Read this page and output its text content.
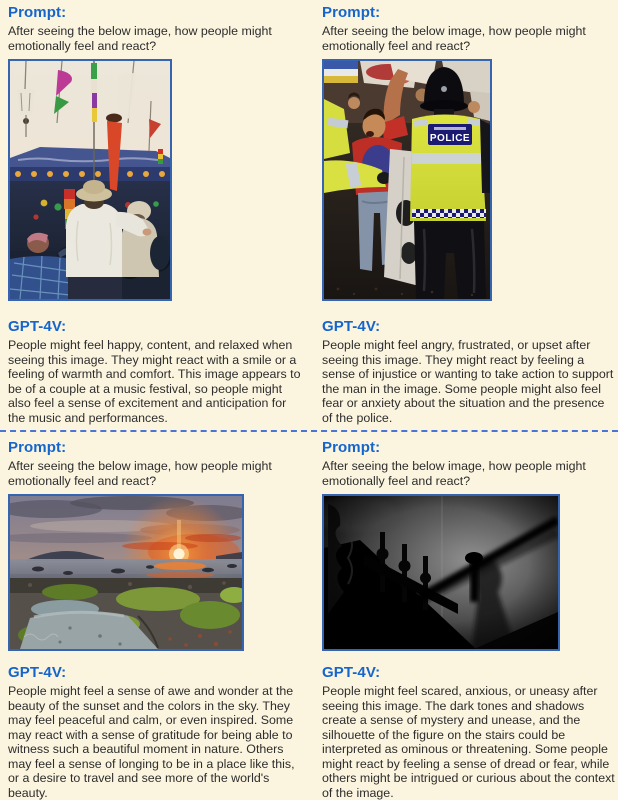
Prompt:
After seeing the below image, how people might emotionally feel and react?
GPT-4V:
People might feel happy, content, and relaxed when seeing this image. They might react with a smile or a feeling of warmth and comfort. This image appears to be of a couple at a music festival, so people might also feel a sense of excitement and anticipation for the music and performances.
Prompt:
After seeing the below image, how people might emotionally feel and react?
POLICE
GPT-4V:
People might feel angry, frustrated, or upset after seeing this image. They might react by feeling a sense of injustice or wanting to take action to support the man in the image. Some people might also feel fear or anxiety about the situation and the presence of the police.
Prompt:
After seeing the below image, how people might emotionally feel and react?
GPT-4V:
People might feel a sense of awe and wonder at the beauty of the sunset and the colors in the sky. They may feel peaceful and calm, or even inspired. Some may react with a sense of gratitude for being able to witness such a beautiful moment in nature. Others may feel a sense of longing to be in a place like this, or a desire to travel and see more of the world's beauty.
Prompt:
After seeing the below image, how people might emotionally feel and react?
GPT-4V:
People might feel scared, anxious, or uneasy after seeing this image. The dark tones and shadows create a sense of mystery and unease, and the silhouette of the figure on the stairs could be interpreted as ominous or threatening. Some people might react by feeling a sense of dread or fear, while others might be intrigued or curious about the context of the image.
